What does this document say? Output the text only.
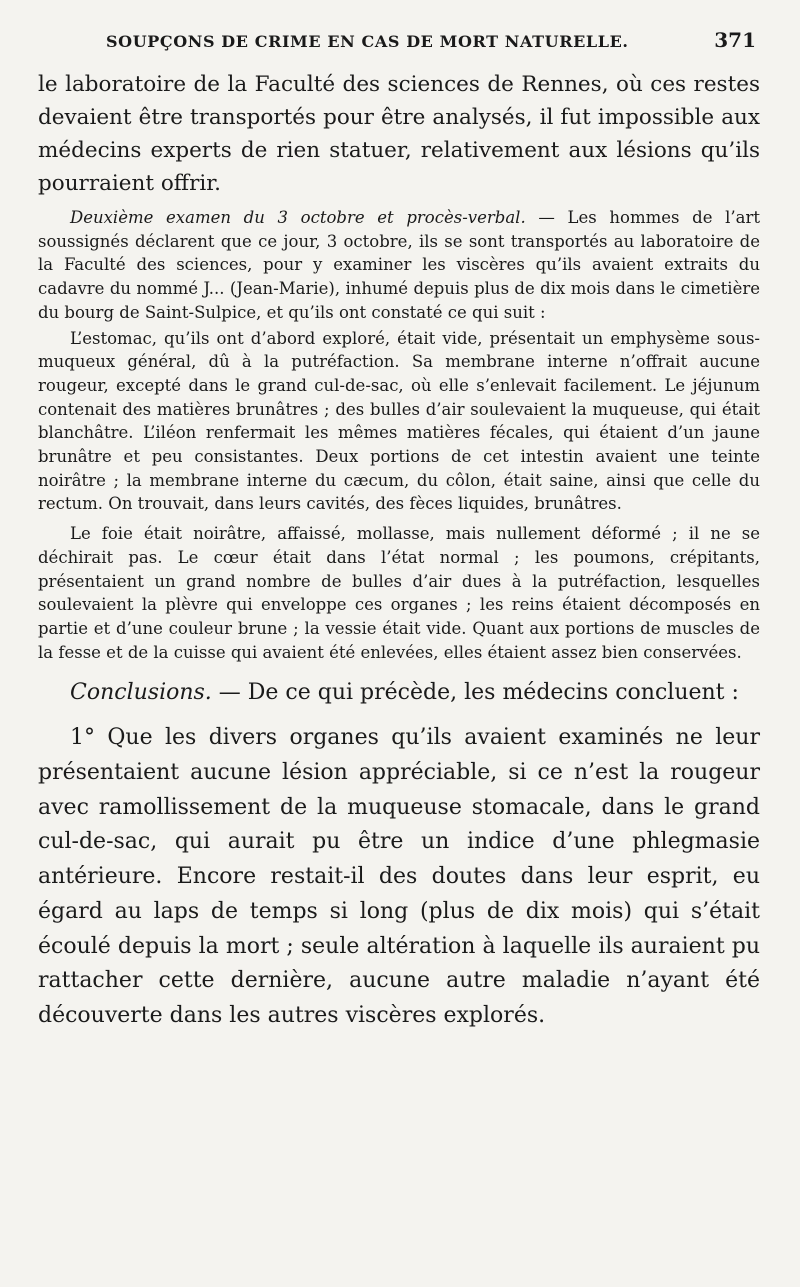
SOUPÇONS DE CRIME EN CAS DE MORT NATURELLE.	371

le laboratoire de la Faculté des sciences de Rennes, où ces restes devaient être transportés pour être analysés, il fut impossible aux médecins experts de rien statuer, relativement aux lésions qu’ils pourraient offrir.

Deuxième examen du 3 octobre et procès-verbal. — Les hommes de l’art soussignés déclarent que ce jour, 3 octobre, ils se sont transportés au laboratoire de la Faculté des sciences, pour y examiner les viscères qu’ils avaient extraits du cadavre du nommé J... (Jean-Marie), inhumé depuis plus de dix mois dans le cimetière du bourg de Saint-Sulpice, et qu’ils ont constaté ce qui suit :

L’estomac, qu’ils ont d’abord exploré, était vide, présentait un emphysème sous-muqueux général, dû à la putréfaction. Sa membrane interne n’offrait aucune rougeur, excepté dans le grand cul-de-sac, où elle s’enlevait facilement. Le jéjunum contenait des matières brunâtres ; des bulles d’air soulevaient la muqueuse, qui était blanchâtre. L’iléon renfermait les mêmes matières fécales, qui étaient d’un jaune brunâtre et peu consistantes. Deux portions de cet intestin avaient une teinte noirâtre ; la membrane interne du cæcum, du côlon, était saine, ainsi que celle du rectum. On trouvait, dans leurs cavités, des fèces liquides, brunâtres.

Le foie était noirâtre, affaissé, mollasse, mais nullement déformé ; il ne se déchirait pas. Le cœur était dans l’état normal ; les poumons, crépitants, présentaient un grand nombre de bulles d’air dues à la putréfaction, lesquelles soulevaient la plèvre qui enveloppe ces organes ; les reins étaient décomposés en partie et d’une couleur brune ; la vessie était vide. Quant aux portions de muscles de la fesse et de la cuisse qui avaient été enlevées, elles étaient assez bien conservées.

Conclusions. — De ce qui précède, les médecins concluent :

1° Que les divers organes qu’ils avaient examinés ne leur présentaient aucune lésion appréciable, si ce n’est la rougeur avec ramollissement de la muqueuse stomacale, dans le grand cul-de-sac, qui aurait pu être un indice d’une phlegmasie antérieure. Encore restait-il des doutes dans leur esprit, eu égard au laps de temps si long (plus de dix mois) qui s’était écoulé depuis la mort ; seule altération à laquelle ils auraient pu rattacher cette dernière, aucune autre maladie n’ayant été découverte dans les autres viscères explorés.
